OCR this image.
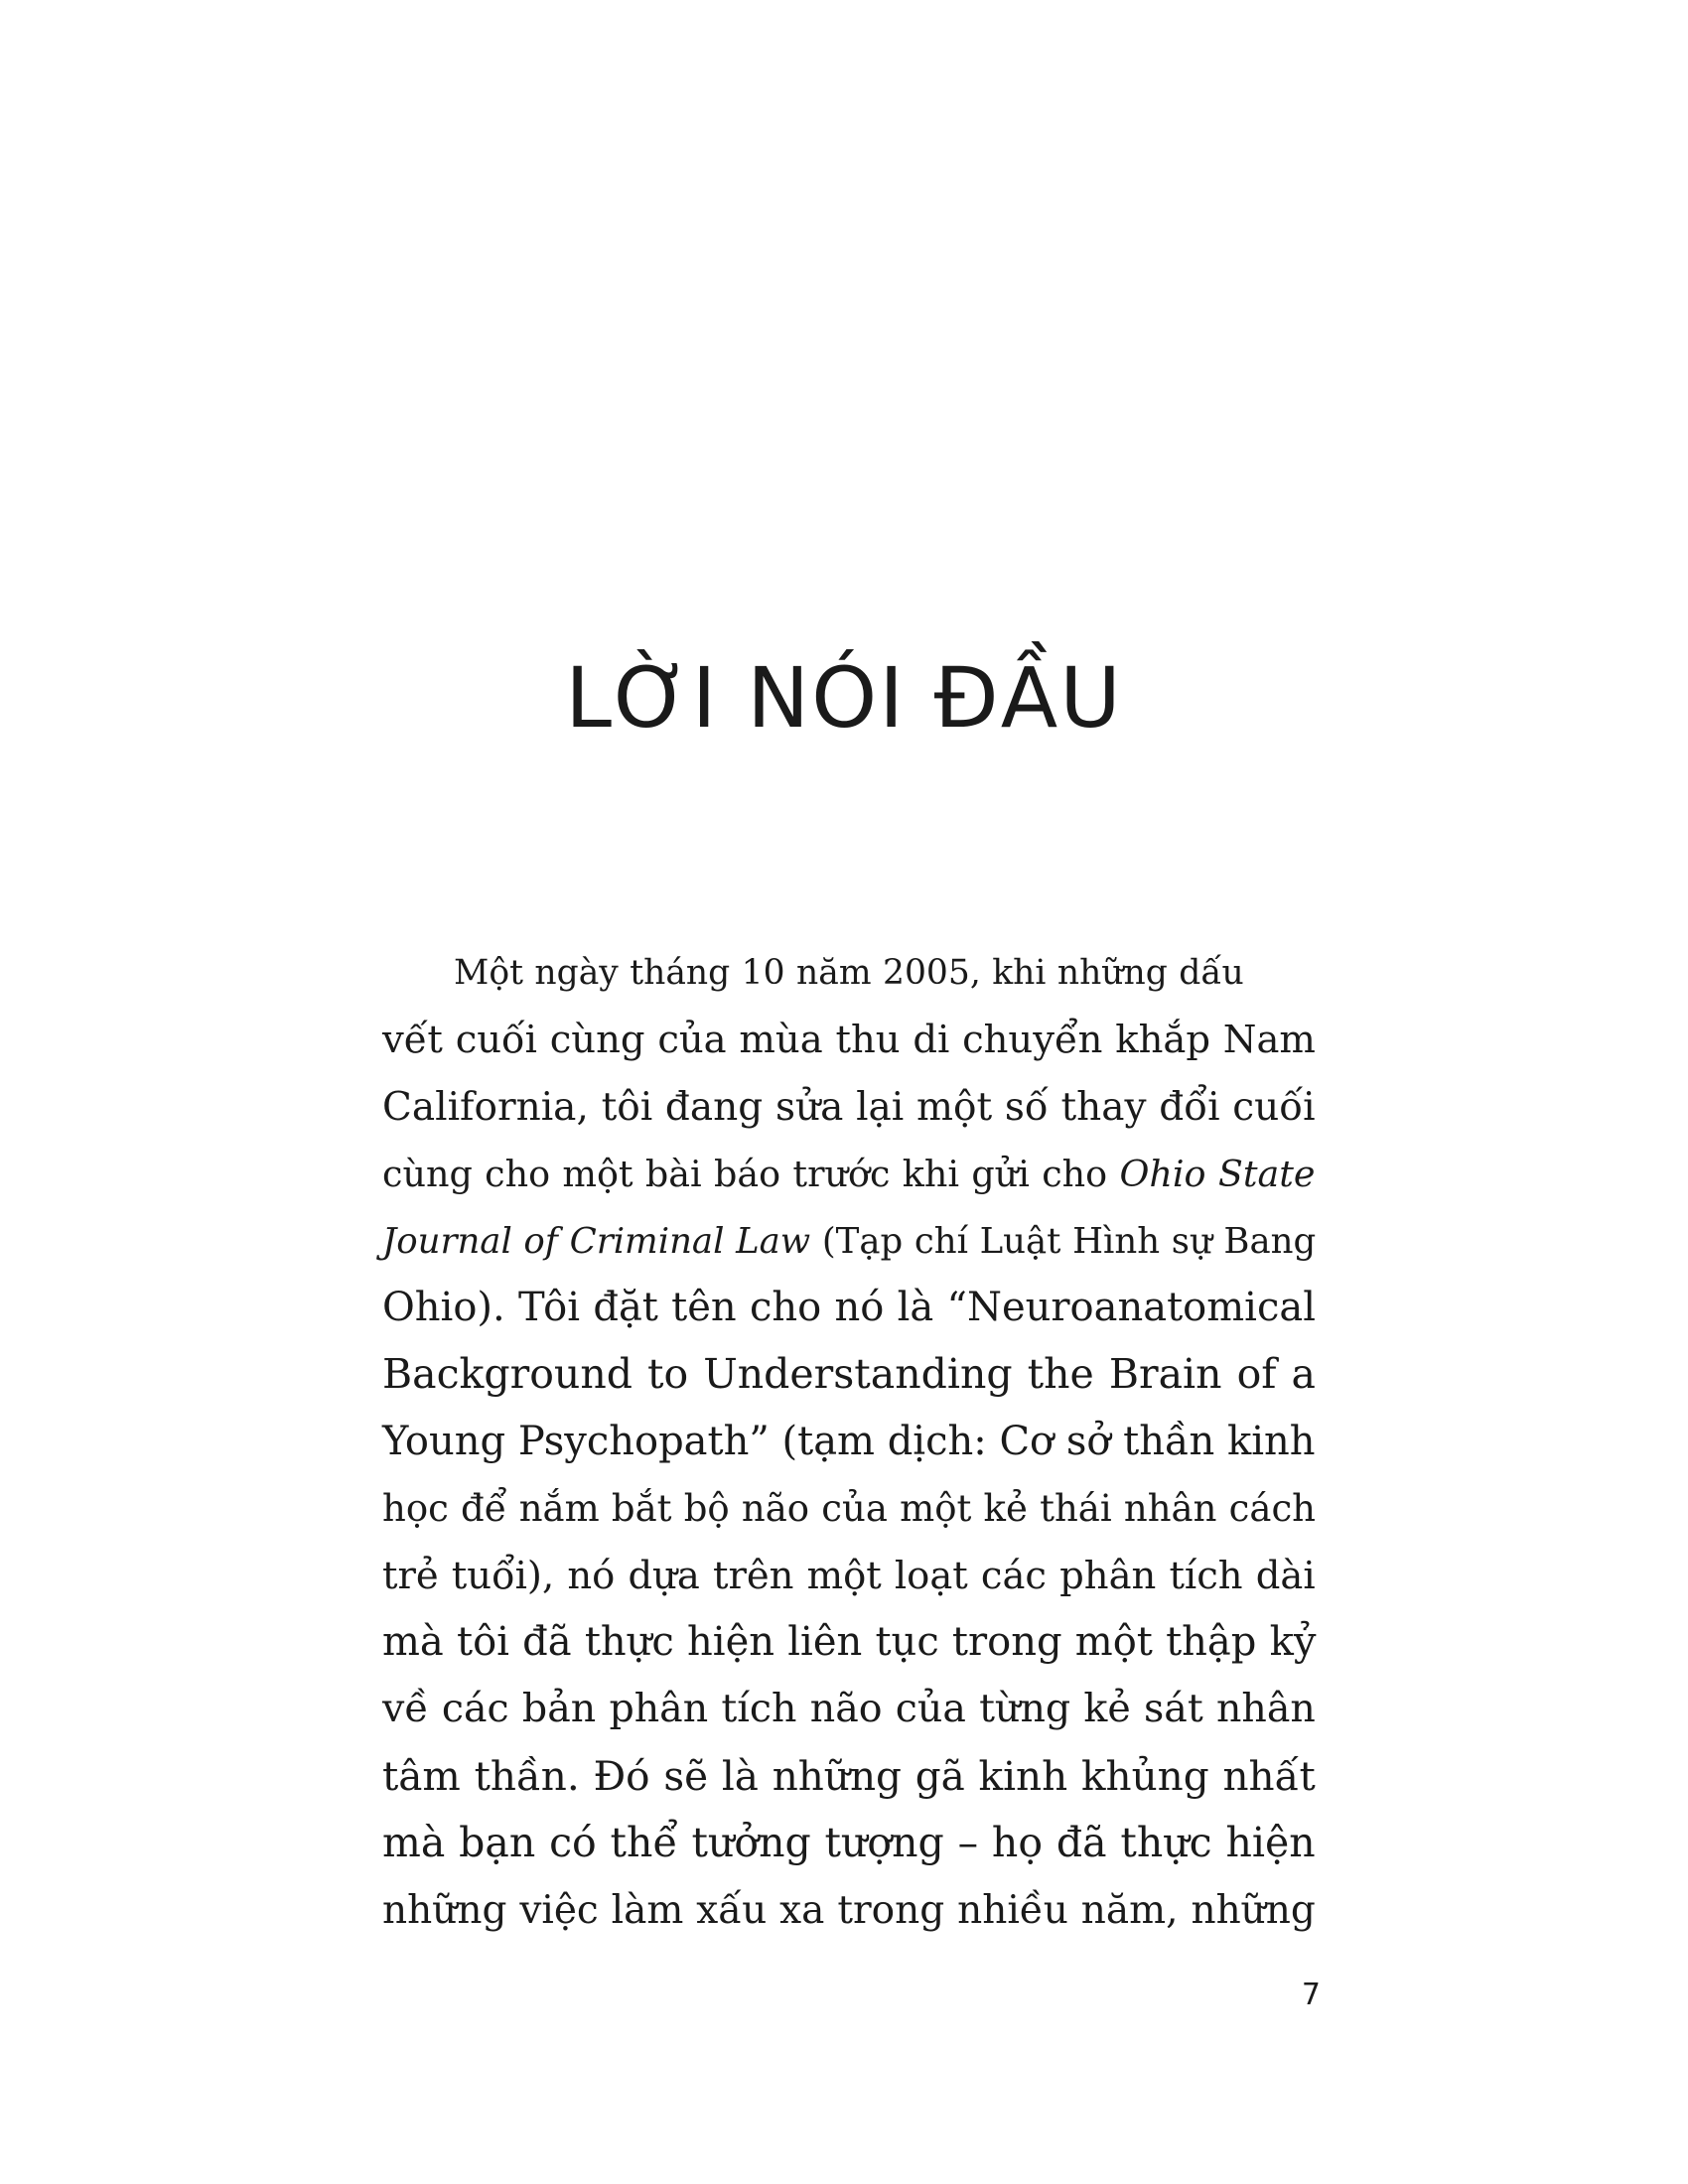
LỜI NÓI ĐẦU
Một ngày tháng 10 năm 2005, khi những dấu
vết cuối cùng của mùa thu di chuyển khắp Nam
California, tôi đang sửa lại một số thay đổi cuối
cùng cho một bài báo trước khi gửi cho Ohio State
Journal of Criminal Law (Tạp chí Luật Hình sự Bang
Ohio). Tôi đặt tên cho nó là “Neuroanatomical
Background to Understanding the Brain of a
Young Psychopath” (tạm dịch: Cơ sở thần kinh
học để nắm bắt bộ não của một kẻ thái nhân cách
trẻ tuổi), nó dựa trên một loạt các phân tích dài
mà tôi đã thực hiện liên tục trong một thập kỷ
về các bản phân tích não của từng kẻ sát nhân
tâm thần. Đó sẽ là những gã kinh khủng nhất
mà bạn có thể tưởng tượng – họ đã thực hiện
những việc làm xấu xa trong nhiều năm, những
7
